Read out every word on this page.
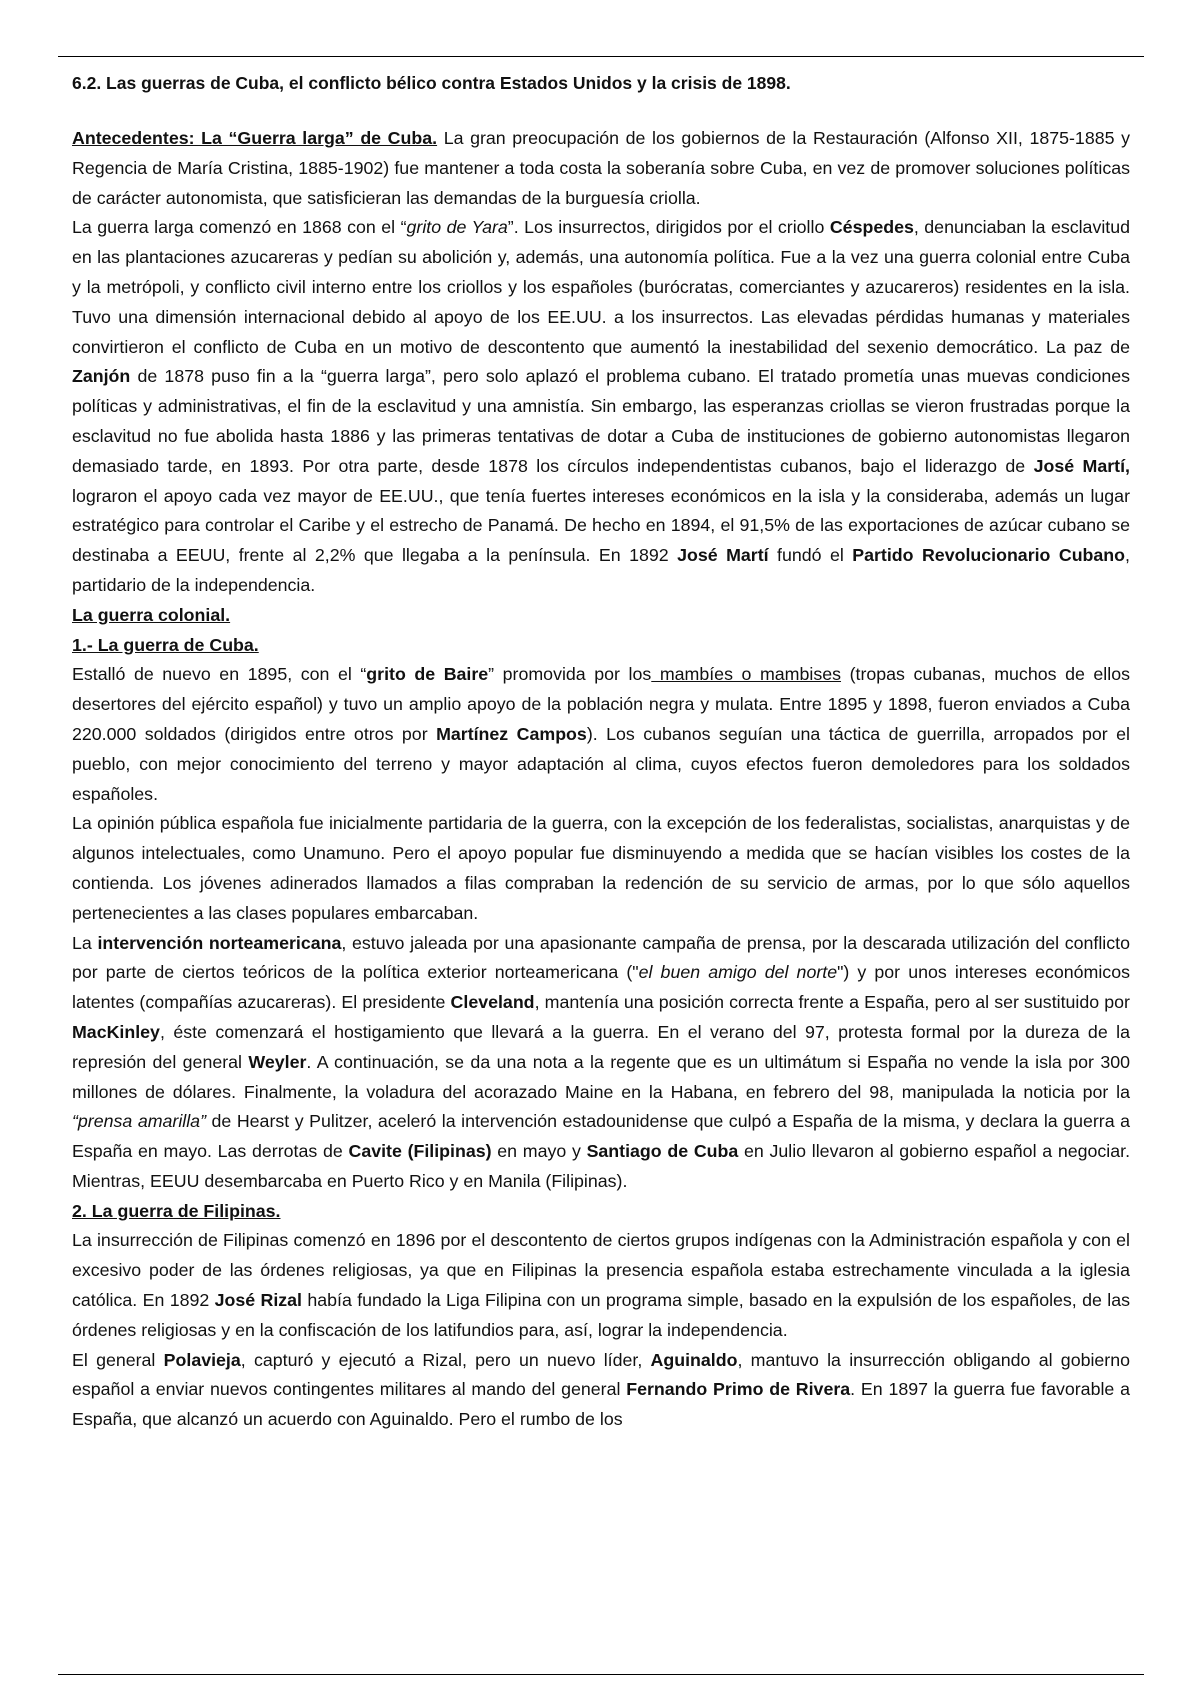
6.2. Las guerras de Cuba, el conflicto bélico contra Estados Unidos y la crisis de 1898.

Antecedentes: La “Guerra larga” de Cuba. La gran preocupación de los gobiernos de la Restauración (Alfonso XII, 1875-1885 y Regencia de María Cristina, 1885-1902) fue mantener a toda costa la soberanía sobre Cuba, en vez de promover soluciones políticas de carácter autonomista, que satisficieran las demandas de la burguesía criolla.

La guerra larga comenzó en 1868 con el “grito de Yara”. Los insurrectos, dirigidos por el criollo Céspedes, denunciaban la esclavitud en las plantaciones azucareras y pedían su abolición y, además, una autonomía política. Fue a la vez una guerra colonial entre Cuba y la metrópoli, y conflicto civil interno entre los criollos y los españoles (burócratas, comerciantes y azucareros) residentes en la isla. Tuvo una dimensión internacional debido al apoyo de los EE.UU. a los insurrectos. Las elevadas pérdidas humanas y materiales convirtieron el conflicto de Cuba en un motivo de descontento que aumentó la inestabilidad del sexenio democrático. La paz de Zanjón de 1878 puso fin a la “guerra larga”, pero solo aplazó el problema cubano. El tratado prometía unas muevas condiciones políticas y administrativas, el fin de la esclavitud y una amnistía. Sin embargo, las esperanzas criollas se vieron frustradas porque la esclavitud no fue abolida hasta 1886 y las primeras tentativas de dotar a Cuba de instituciones de gobierno autonomistas llegaron demasiado tarde, en 1893. Por otra parte, desde 1878 los círculos independentistas cubanos, bajo el liderazgo de José Martí, lograron el apoyo cada vez mayor de EE.UU., que tenía fuertes intereses económicos en la isla y la consideraba, además un lugar estratégico para controlar el Caribe y el estrecho de Panamá. De hecho en 1894, el 91,5% de las exportaciones de azúcar cubano se destinaba a EEUU, frente al 2,2% que llegaba a la península. En 1892 José Martí fundó el Partido Revolucionario Cubano, partidario de la independencia.

La guerra colonial.
1.- La guerra de Cuba.

Estalló de nuevo en 1895, con el “grito de Baire” promovida por los mambíes o mambises (tropas cubanas, muchos de ellos desertores del ejército español) y tuvo un amplio apoyo de la población negra y mulata. Entre 1895 y 1898, fueron enviados a Cuba 220.000 soldados (dirigidos entre otros por Martínez Campos). Los cubanos seguían una táctica de guerrilla, arropados por el pueblo, con mejor conocimiento del terreno y mayor adaptación al clima, cuyos efectos fueron demoledores para los soldados españoles.

La opinión pública española fue inicialmente partidaria de la guerra, con la excepción de los federalistas, socialistas, anarquistas y de algunos intelectuales, como Unamuno. Pero el apoyo popular fue disminuyendo a medida que se hacían visibles los costes de la contienda. Los jóvenes adinerados llamados a filas compraban la redención de su servicio de armas, por lo que sólo aquellos pertenecientes a las clases populares embarcaban.

La intervención norteamericana, estuvo jaleada por una apasionante campaña de prensa, por la descarada utilización del conflicto por parte de ciertos teóricos de la política exterior norteamericana ("el buen amigo del norte") y por unos intereses económicos latentes (compañías azucareras). El presidente Cleveland, mantenía una posición correcta frente a España, pero al ser sustituido por MacKinley, éste comenzará el hostigamiento que llevará a la guerra. En el verano del 97, protesta formal por la dureza de la represión del general Weyler. A continuación, se da una nota a la regente que es un ultimátum si España no vende la isla por 300 millones de dólares. Finalmente, la voladura del acorazado Maine en la Habana, en febrero del 98, manipulada la noticia por la “prensa amarilla” de Hearst y Pulitzer, aceleró la intervención estadounidense que culpó a España de la misma, y declara la guerra a España en mayo. Las derrotas de Cavite (Filipinas) en mayo y Santiago de Cuba en Julio llevaron al gobierno español a negociar. Mientras, EEUU desembarcaba en Puerto Rico y en Manila (Filipinas).

2. La guerra de Filipinas.

La insurrección de Filipinas comenzó en 1896 por el descontento de ciertos grupos indígenas con la Administración española y con el excesivo poder de las órdenes religiosas, ya que en Filipinas la presencia española estaba estrechamente vinculada a la iglesia católica. En 1892 José Rizal había fundado la Liga Filipina con un programa simple, basado en la expulsión de los españoles, de las órdenes religiosas y en la confiscación de los latifundios para, así, lograr la independencia.

El general Polavieja, capturó y ejecutó a Rizal, pero un nuevo líder, Aguinaldo, mantuvo la insurrección obligando al gobierno español a enviar nuevos contingentes militares al mando del general Fernando Primo de Rivera. En 1897 la guerra fue favorable a España, que alcanzó un acuerdo con Aguinaldo. Pero el rumbo de los
